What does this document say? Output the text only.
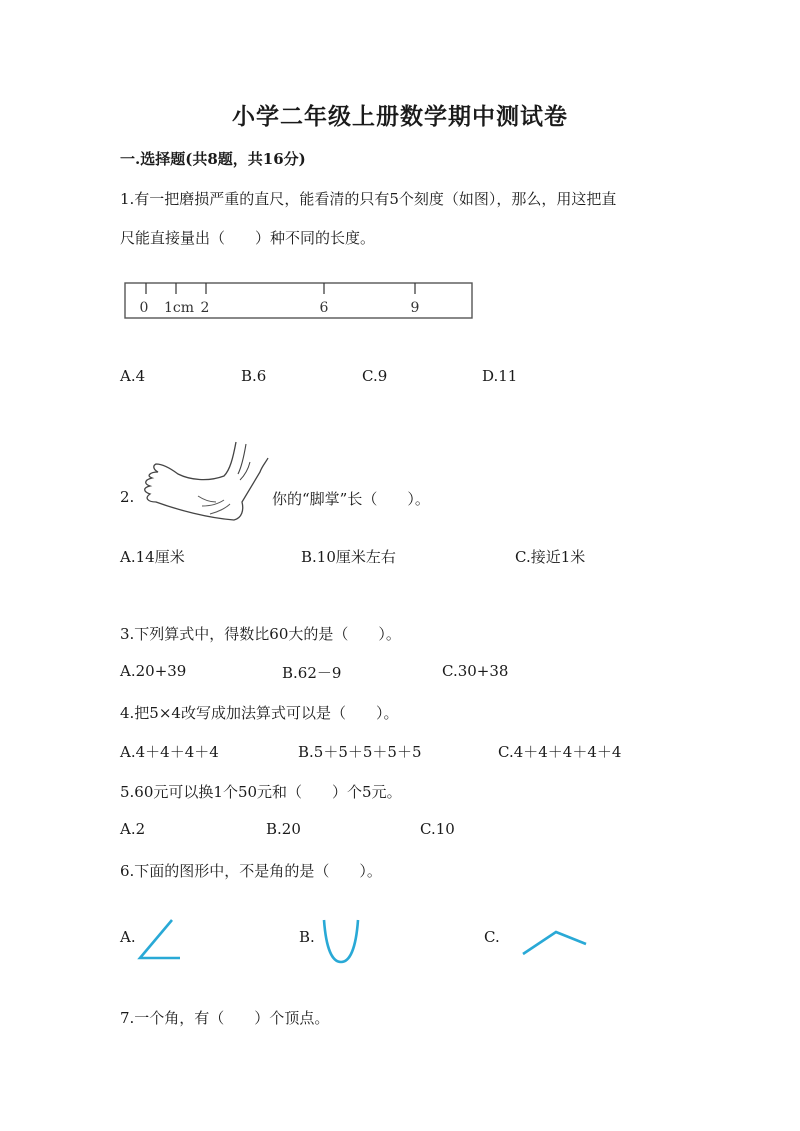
小学二年级上册数学期中测试卷
一.选择题(共8题，共16分)
1.有一把磨损严重的直尺，能看清的只有5个刻度（如图），那么，用这把直
尺能直接量出（　　）种不同的长度。
0 1cm 2	6	9
A.4	B.6	C.9	D.11
2.	你的“脚掌”长（　　）。
A.14厘米	B.10厘米左右	C.接近1米
3.下列算式中，得数比60大的是（　　）。
A.20+39	B.62－9	C.30+38
4.把5×4改写成加法算式可以是（　　）。
A.4＋4＋4＋4	B.5＋5＋5＋5＋5	C.4＋4＋4＋4＋4
5.60元可以换1个50元和（　　）个5元。
A.2	B.20	C.10
6.下面的图形中，不是角的是（　　）。
A.	B.	C.
7.一个角，有（　　）个顶点。
